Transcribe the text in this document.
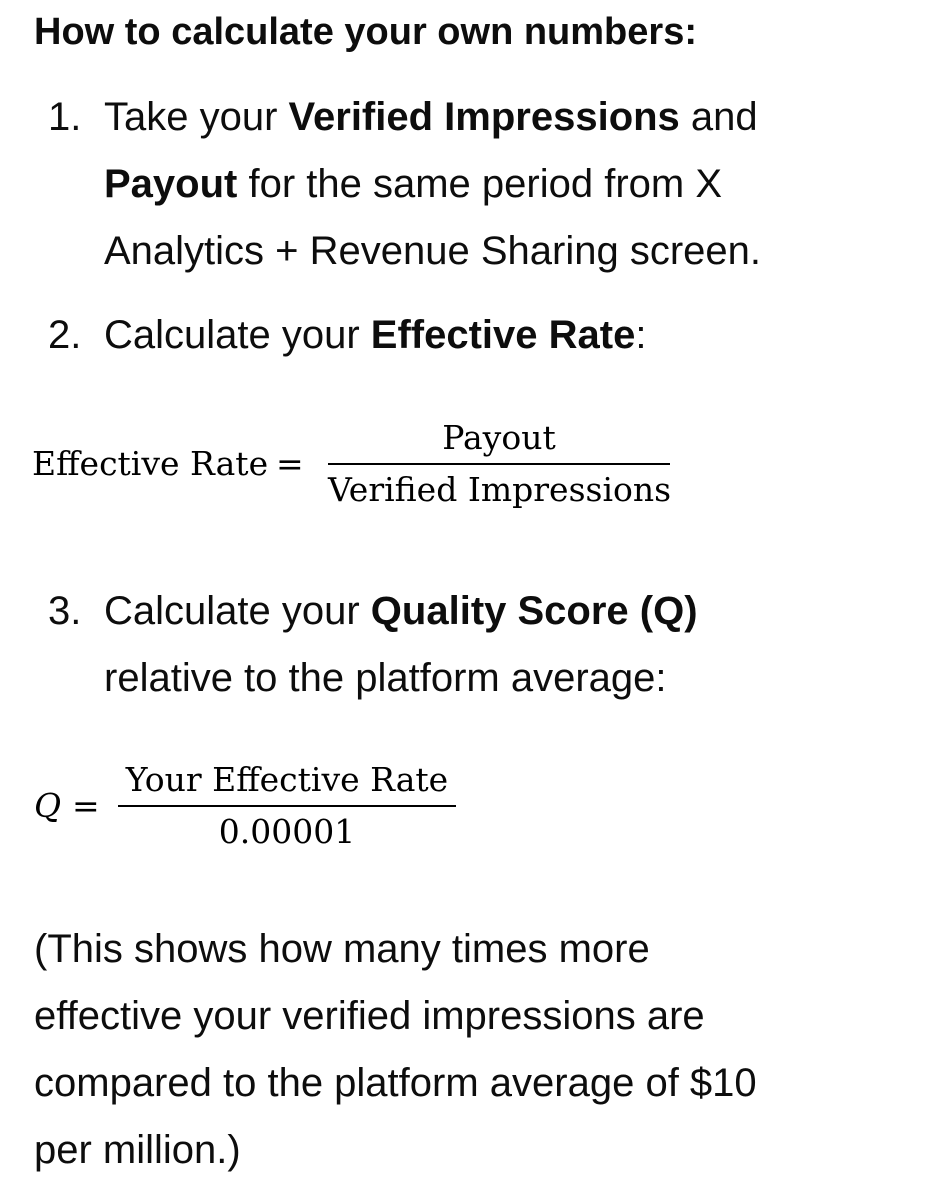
How to calculate your own numbers:
1. Take your Verified Impressions and
Payout for the same period from X
Analytics + Revenue Sharing screen.
2. Calculate your Effective Rate:
Effective Rate =
Payout
Verified Impressions
3. Calculate your Quality Score (Q)
relative to the platform average:
Q =
Your Effective Rate
0.00001
(This shows how many times more
effective your verified impressions are
compared to the platform average of $10
per million.)
